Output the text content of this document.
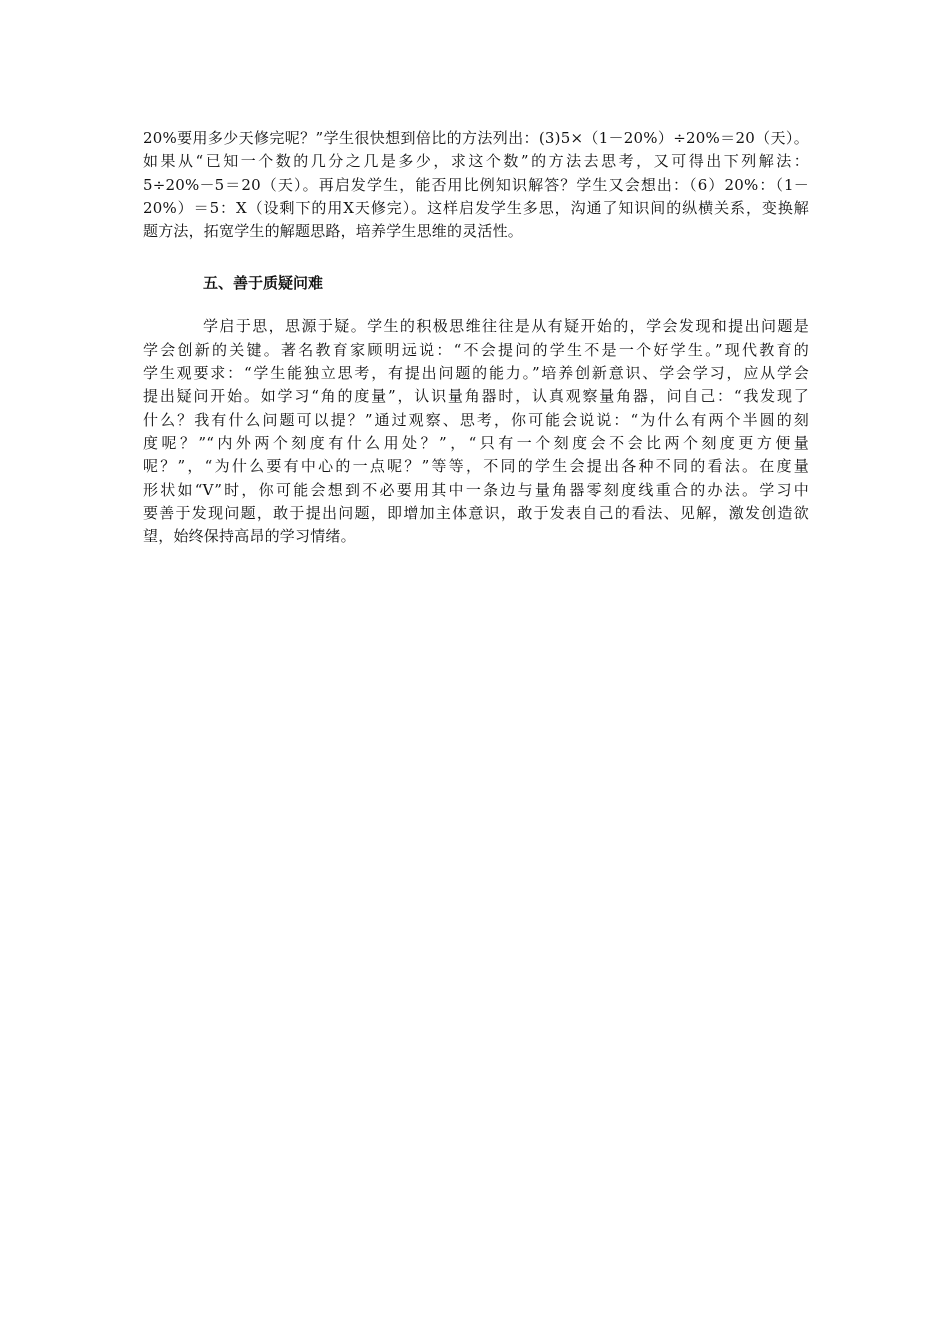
20%要用多少天修完呢？”学生很快想到倍比的方法列出：(3)5×（1－20%）÷20%＝20（天）。
如果从“已知一个数的几分之几是多少，求这个数”的方法去思考，又可得出下列解法：
5÷20%－5＝20（天）。再启发学生，能否用比例知识解答？学生又会想出：（6）20%：（1－
20%）＝5：X（设剩下的用X天修完）。这样启发学生多思，沟通了知识间的纵横关系，变换解
题方法，拓宽学生的解题思路，培养学生思维的灵活性。
五、善于质疑问难
学启于思，思源于疑。学生的积极思维往往是从有疑开始的，学会发现和提出问题是
学会创新的关键。著名教育家顾明远说：“不会提问的学生不是一个好学生。”现代教育的
学生观要求：“学生能独立思考，有提出问题的能力。”培养创新意识、学会学习，应从学会
提出疑问开始。如学习“角的度量”，认识量角器时，认真观察量角器，问自己：“我发现了
什么？我有什么问题可以提？”通过观察、思考，你可能会说说：“为什么有两个半圆的刻
度呢？”“内外两个刻度有什么用处？”，“只有一个刻度会不会比两个刻度更方便量
呢？”，“为什么要有中心的一点呢？”等等，不同的学生会提出各种不同的看法。在度量
形状如“V”时，你可能会想到不必要用其中一条边与量角器零刻度线重合的办法。学习中
要善于发现问题，敢于提出问题，即增加主体意识，敢于发表自己的看法、见解，激发创造欲
望，始终保持高昂的学习情绪。
